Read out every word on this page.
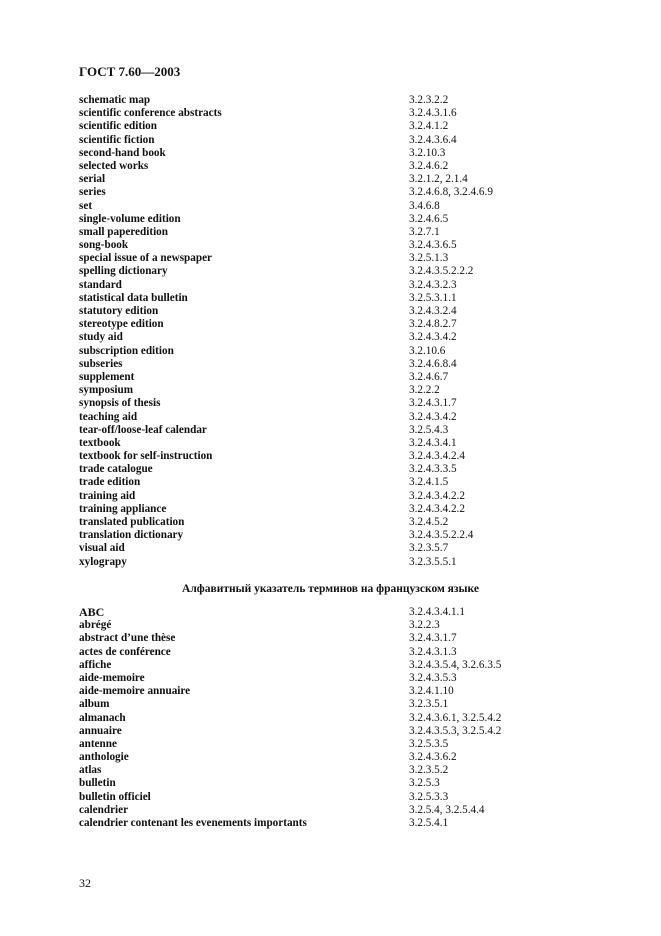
ГОСТ 7.60—2003
schematic map	3.2.3.2.2
scientific conference abstracts	3.2.4.3.1.6
scientific edition	3.2.4.1.2
scientific fiction	3.2.4.3.6.4
second-hand book	3.2.10.3
selected works	3.2.4.6.2
serial	3.2.1.2, 2.1.4
series	3.2.4.6.8, 3.2.4.6.9
set	3.4.6.8
single-volume edition	3.2.4.6.5
small paperedition	3.2.7.1
song-book	3.2.4.3.6.5
special issue of a newspaper	3.2.5.1.3
spelling dictionary	3.2.4.3.5.2.2.2
standard	3.2.4.3.2.3
statistical data bulletin	3.2.5.3.1.1
statutory edition	3.2.4.3.2.4
stereotype edition	3.2.4.8.2.7
study aid	3.2.4.3.4.2
subscription edition	3.2.10.6
subseries	3.2.4.6.8.4
supplement	3.2.4.6.7
symposium	3.2.2.2
synopsis of thesis	3.2.4.3.1.7
teaching aid	3.2.4.3.4.2
tear-off/loose-leaf calendar	3.2.5.4.3
textbook	3.2.4.3.4.1
textbook for self-instruction	3.2.4.3.4.2.4
trade catalogue	3.2.4.3.3.5
trade edition	3.2.4.1.5
training aid	3.2.4.3.4.2.2
training appliance	3.2.4.3.4.2.2
translated publication	3.2.4.5.2
translation dictionary	3.2.4.3.5.2.2.4
visual aid	3.2.3.5.7
xylograpy	3.2.3.5.5.1
Алфавитный указатель терминов на французском языке
ABC	3.2.4.3.4.1.1
abrégé	3.2.2.3
abstract d’une thèse	3.2.4.3.1.7
actes de conférence	3.2.4.3.1.3
affiche	3.2.4.3.5.4, 3.2.6.3.5
aide-memoire	3.2.4.3.5.3
aide-memoire annuaire	3.2.4.1.10
album	3.2.3.5.1
almanach	3.2.4.3.6.1, 3.2.5.4.2
annuaire	3.2.4.3.5.3, 3.2.5.4.2
antenne	3.2.5.3.5
anthologie	3.2.4.3.6.2
atlas	3.2.3.5.2
bulletin	3.2.5.3
bulletin officiel	3.2.5.3.3
calendrier	3.2.5.4, 3.2.5.4.4
calendrier contenant les evenements importants	3.2.5.4.1
32
